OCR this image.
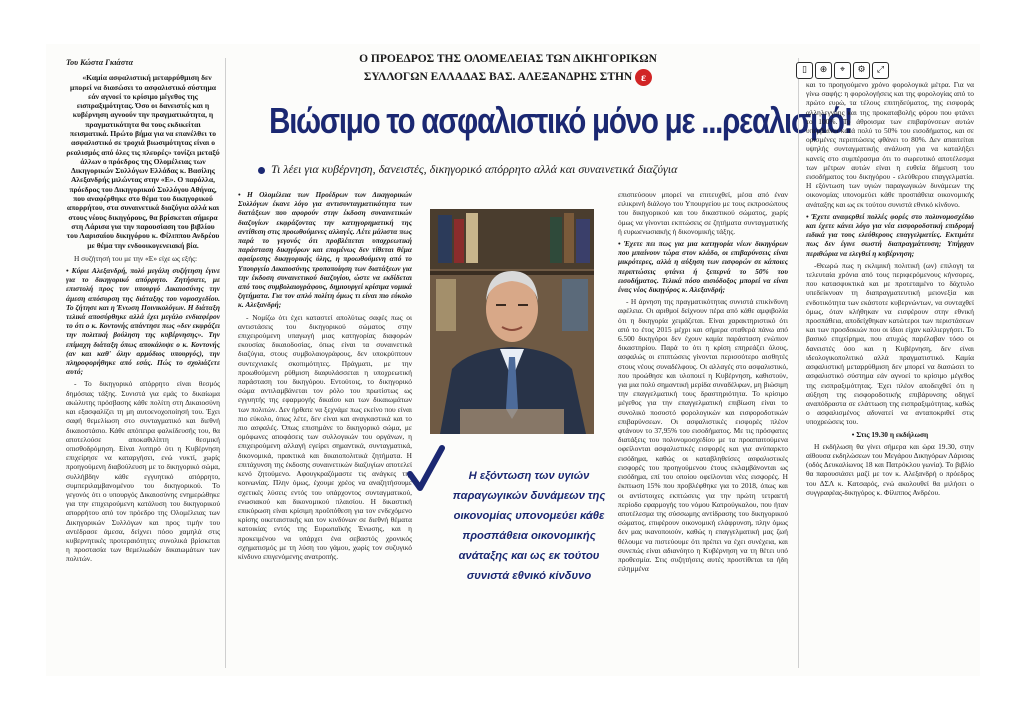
Του Κώστα Γκιάστα

«Καμία ασφαλιστική μεταρρύθμιση δεν μπορεί να διασώσει το ασφαλιστικό σύστημα εάν αγνοεί το κρίσιμο μέγεθος της εισπραξιμότητας. Όσο οι δανειστές και η κυβέρνηση αγνοούν την πραγματικότητα, η πραγματικότητα θα τους εκδικείται πεισματικά. Πρώτο βήμα για να επανέλθει το ασφαλιστικό σε τροχιά βιωσιμότητας είναι ο ρεαλισμός από όλες τις πλευρές» τονίζει μεταξύ άλλων ο πρόεδρος της Ολομέλειας των Δικηγορικών Συλλόγων Ελλάδας κ. Βασίλης Αλεξανδρής μιλώντας στην «Ε». Ο παρόλλα, πρόεδρος του Δικηγορικού Συλλόγου Αθήνας, που αναφέρθηκε στο θέμα του δικηγορικού απορρήτου, στα συναινετικά διαζύγια αλλά και στους νέους δικηγόρους, θα βρίσκεται σήμερα στη Λάρισα για την παρουσίαση του βιβλίου του Λαρισαίου δικηγόρου κ. Φίλιππου Ανδρέου με θέμα την ενδοοικογενειακή βία.

Η συζήτησή του με την «Ε» είχε ως εξής:

• Κύριε Αλεξανδρή, πολύ μεγάλη συζήτηση έγινε για το δικηγορικό απόρρητο. Ζητήσατε, με επιστολή προς τον υπουργό Δικαιοσύνης την άμεση απόσυρση της διάταξης του νομοσχεδίου. Το ζήτησε και η Ένωση Ποινικολόγων. Η διάταξη τελικά αποσύρθηκε αλλά έχει μεγάλο ενδιαφέρον το ότι ο κ. Κοντονής απάντησε πως «δεν εκφράζει την πολιτική βούληση της κυβέρνησης». Την επίμαχη διάταξη όπως αποκάλυψε ο κ. Κοντονής (αν και καθ' όλην αρμόδιος υπουργός), την πληροφορήθηκε από εσάς. Πώς το σχολιάζετε αυτό;

- Το δικηγορικό απόρρητο είναι θεσμός δημόσιας τάξης. Συνιστά για εμάς το δικαίωμα ακώλυτης πρόσβασης κάθε πολίτη στη Δικαιοσύνη και εξασφαλίζει τη μη αυτοενοχοποίησή του. Έχει σαφή θεμελίωση στο συνταγματικό και διεθνή δικαιοστάσιο. Κάθε απόπειρα φαλκίδευσής του, θα αποτελούσε αποκαθιλίπτη θεσμική οπισθοδρόμηση. Είναι λυπηρό ότι η Κυβέρνηση επιχείρησε να καταργήσει, ενώ νυκτί, χωρίς προηγούμενη διαβούλευση με το δικηγορικό σώμα, συλλήβδην κάθε εγγυητικό απόρρητο, συμπεριλαμβανομένου του δικηγορικού. Το γεγονός ότι ο υπουργός Δικαιοσύνης ενημερώθηκε για την επιχειρούμενη κατάλυση του δικηγορικού απορρήτου από τον πρόεδρο της Ολομέλειας των Δικηγορικών Συλλόγων και προς τιμήν του αντέδρασε άμεσα, δείχνει πόσο χαμηλά στις κυβερνητικές προτεραιότητες συνολικά βρίσκεται η προστασία των θεμελιωδών δικαιωμάτων των πολιτών.

Ο ΠΡΟΕΔΡΟΣ ΤΗΣ ΟΛΟΜΕΛΕΙΑΣ ΤΩΝ ΔΙΚΗΓΟΡΙΚΩΝ
ΣΥΛΛΟΓΩΝ ΕΛΛΑΔΑΣ ΒΑΣ. ΑΛΕΞΑΝΔΡΗΣ ΣΤΗΝ ε
Βιώσιμο το ασφαλιστικό μόνο με ...ρεαλισμό!
Τι λέει για κυβέρνηση, δανειστές, δικηγορικό απόρρητο αλλά και συναινετικά διαζύγια

• Η Ολομέλεια των Προέδρων των Δικηγορικών Συλλόγων έκανε λόγο για αντισυνταγματικότητα των διατάξεων που αφορούν στην έκδοση συναινετικών διαζυγίων εκφράζοντας την κατηγορηματική της αντίθεση στις προωθούμενες αλλαγές. Λέτε μάλιστα πως παρά το γεγονός ότι προβλέπεται υποχρεωτική παράσταση δικηγόρων και επομένως δεν τίθεται θέμα αφαίρεσης δικηγορικής ύλης, η προωθούμενη από το Υπουργείο Δικαιοσύνης τροποποίηση των διατάξεων για την έκδοση συναινετικού διαζυγίου, ώστε να εκδίδεται από τους συμβολαιογράφους, δημιουργεί κρίσιμα νομικά ζητήματα. Για τον απλό πολίτη όμως τι είναι πιο εύκολο κ. Αλεξανδρή;

- Νομίζω ότι έχει καταστεί απολύτως σαφές πως οι αντιστάσεις του δικηγορικού σώματος στην επιχειρούμενη υπαγωγή μιας κατηγορίας διαφορών εκουσίας δικαιοδοσίας, όπως είναι τα συναινετικά διαζύγια, στους συμβολαιογράφους, δεν υποκρύπτουν συντεχνιακές σκοπιμότητες. Πράγματι, με την προωθούμενη ρύθμιση διαφυλάσσεται η υποχρεωτική παράσταση του δικηγόρου. Εντούτοις, το δικηγορικό σώμα αντιλαμβάνεται τον ρόλο του πρωτίστως ως εγγυητής της εφαρμογής δικαίου και των δικαιωμάτων των πολιτών. Δεν ήρθατε να ξεχνάμε πως εκείνο που είναι πιο εύκολο, όπως λέτε, δεν είναι και αναγκαστικά και το πιο ασφαλές. Όπως επισημάνε το δικηγορικό σώμα, με ομόφωνες αποφάσεις των συλλογικών του οργάνων, η επιχειρούμενη αλλαγή εγείρει σημαντικά, συνταγματικά, δικονομικά, πρακτικά και δικαιοπολιτικά ζητήματα. Η επιτάχυνση της έκδοσης συναινετικών διαζυγίων αποτελεί κενό ζητούμενο. Αφουγκραζόμαστε τις ανάγκες της κοινωνίας. Πλην όμως, έχουμε χρέος να αναζητήσουμε σχετικές λύσεις εντός του υπάρχοντος συνταγματικού, ενωσιακού και δικονομικού πλαισίου. Η δικαστική επικύρωση είναι κρίσιμη προϋπόθεση για τον ενδεχόμενο κρίσης οικεταιστικής και τον κινδύνων σε διεθνή θέματα κατοικίας εντός της Ευρωπαϊκής Ένωσης, και η προκειμένου να υπάρχει ένα σεβαστός χρονικός σχηματισμός με τη λύση του γάμου, χωρίς τον συζυγικό κίνδυνο επιγενόμενης ανατροπής.

Η εξόντωση των υγιών παραγωγικών δυνάμεων της οικονομίας υπονομεύει κάθε προσπάθεια οικονομικής ανάταξης και ως εκ τούτου συνιστά εθνικό κίνδυνο

επισπεύσουν μπορεί να επιτευχθεί, μέσα από έναν ειλικρινή διάλογο του Υπουργείου με τους εκπροσώπους του δικηγορικού και του δικαστικού σώματος, χωρίς όμως να γίνονται εκπτώσεις σε ζητήματα συνταγματικής ή ευρωενωσιακής ή δικονομικής τάξης.

• Έχετε πει πως για μια κατηγορία νέων δικηγόρων που μπαίνουν τώρα στον κλάδο, οι επιβαρύνσεις είναι μικρότερες, αλλά η αύξηση των εισφορών σε κάποιες περιπτώσεις φτάνει ή ξεπερνά το 50% του εισοδήματος. Τελικά πόσο αισιόδοξος μπορεί να είναι ένας νέος δικηγόρος κ. Αλεξανδρή;

- Η άρνηση της πραγματικότητας συνιστά επικίνδυνη αφέλεια. Οι αριθμοί δείχνουν πέρα από κάθε αμφιβολία ότι η δικηγορία χειμάζεται. Είναι χαρακτηριστικό ότι από το έτος 2015 μέχρι και σήμερα σταθερά πάνω από 6.500 δικηγόροι δεν έχουν καμία παράσταση ενώπιον δικαστηρίου. Παρά το ότι η κρίση επηρεάζει όλους, ασφαλώς οι επιπτώσεις γίνονται περισσότερο αισθητές στους νέους συναδέλφους. Οι αλλαγές στο ασφαλιστικό, που προώθησε και υλοποιεί η Κυβέρνηση, καθιστούν, για μια πολύ σημαντική μερίδα συναδέλφων, μη βιώσιμη την επαγγελματική τους δραστηριότητα. Το κρίσιμο μέγεθος για την επαγγελματική επιβίωση είναι το συνολικό ποσοστό φορολογικών και εισφοροδοτικών επιβαρύνσεων. Οι ασφαλιστικές εισφορές πλέον φτάνουν το 37,95% του εισοδήματος. Με τις πρόσφατες διατάξεις του πολυνομοσχεδίου με τα προαπαιτούμενα οφείλονται ασφαλιστικές εισφορές και για ανύπαρκτο εισόδημα, καθώς οι καταβληθείσες ασφαλιστικές εισφορές του προηγούμενου έτους εκλαμβάνονται ως εισόδημα, επί του οποίου οφείλονται νέες εισφορές. Η έκπτωση 15% που προβλέφθηκε για το 2018, όπως και οι αντίστοιχες εκπτώσεις για την πρώτη τετραετή περίοδο εφαρμογής του νόμου Κατρούγκαλου, που ήταν αποτέλεσμα της σύσσωμης αντίδρασης του δικηγορικού σώματος, επιφέρουν οικονομική ελάφρυνση, πλην όμως δεν μας ικανοποιούν, καθώς η επαγγελματική μας ζωή θέλουμε να πιστεύουμε ότι πρέπει να έχει συνέχεια, και συνεπώς είναι αδιανόητο η Κυβέρνηση να τη θέτει υπό προθεσμία. Στις συζητήσεις αυτές προστίθεται τα ήδη ειλημμένα

και το προηγούμενο χρόνο φορολογικά μέτρα. Για να γίνω σαφής: η φορολογήσεις και της φορολογίας από το πρώτο ευρώ, τα τέλους επιτηδεύματος, της εισφοράς αλληλεγγύης και της προκαταβολής φόρου που φτάνει το 100%. Το άθροισμα των επιβαρύνσεων αυτών υπερβαίνει κατά πολύ το 50% του εισοδήματος, και σε ορισμένες περιπτώσεις φθάνει το 80%. Δεν απαιτείται υψηλής συνταγματικής ανάλυση για να καταλήξει κανείς στο συμπέρασμα ότι το σωρευτικό αποτέλεσμα των μέτρων αυτών είναι η ευθεία δήμευση του εισοδήματος του δικηγόρου - ελεύθερου επαγγελματία. Η εξόντωση των υγιών παραγωγικών δυνάμεων της οικονομίας υπονομεύει κάθε προσπάθεια οικονομικής ανάταξης και ως εκ τούτου συνιστά εθνικό κίνδυνο.

• Έχετε αναφερθεί πολλές φορές στο πολυνομοσχέδιο και έχετε κάνει λόγο για νέα εισφοροδοτική επιδρομή ειδικά για τους ελεύθερους επαγγελματίες. Εκτιμάτε πως δεν έγινε σωστή διαπραγμάτευση; Υπήρχαν περιθώρια να ελεγθεί η κυβέρνηση;

-Θεωρώ πως η εκλιμική πολιτική (ων) επιλογη τα τελευταία χρόνια από τους περιφερόμενους κήνσορες, που κατασφυκτικά και με προτεταμένο το δάχτυλο υπεδείκνυαν τη διαπραγματευτική μειονεξία και ενδοτικότητα των εκάστοτε κυβερνώντων, να συνταχθεί όμως, όταν κλήθηκαν να εισφέρουν στην εθνική προσπάθεια, αποδείχθηκαν κατώτεροι των περιστάσεων και των προσδοκιών που οι ίδιοι είχαν καλλιεργήσει. Το βασικό επιχείρημα, που ατυχώς παρέλαβαν τόσο οι δανειστές όσο και η Κυβέρνηση, δεν είναι ιδεολογικοπολιτικό αλλά πραγματιστικό. Καμία ασφαλιστική μεταρρύθμιση δεν μπορεί να διασώσει το ασφαλιστικό σύστημα εάν αγνοεί το κρίσιμο μέγεθος της εισπραξιμότητας. Έχει πλέον αποδειχθεί ότι η αύξηση της εισφοροδοτικής επιβάρυνσης οδηγεί αναπόδραστα σε ελάττωση της εισπραξιμότητας, καθώς ο ασφαλισμένος αδυνατεί να ανταποκριθεί στις υποχρεώσεις του.

• Στις 19.30 η εκδήλωση

Η εκδήλωση θα γίνει σήμερα και ώρα 19.30, στην αίθουσα εκδηλώσεων του Μεγάρου Δικηγόρων Λάρισας (οδός Δευκαλίωνος 18 και Πατρόκλου γωνία). Το βιβλίο θα παρουσιάσει μαζί με τον κ. Αλεξανδρή ο πρόεδρος του ΔΣΛ κ. Κατσαρός, ενώ ακολουθεί θα μιλήσει ο συγγραφέας-δικηγόρος κ. Φίλιππος Ανδρέου.

▯	⊕	⌖	⚙	⤢
